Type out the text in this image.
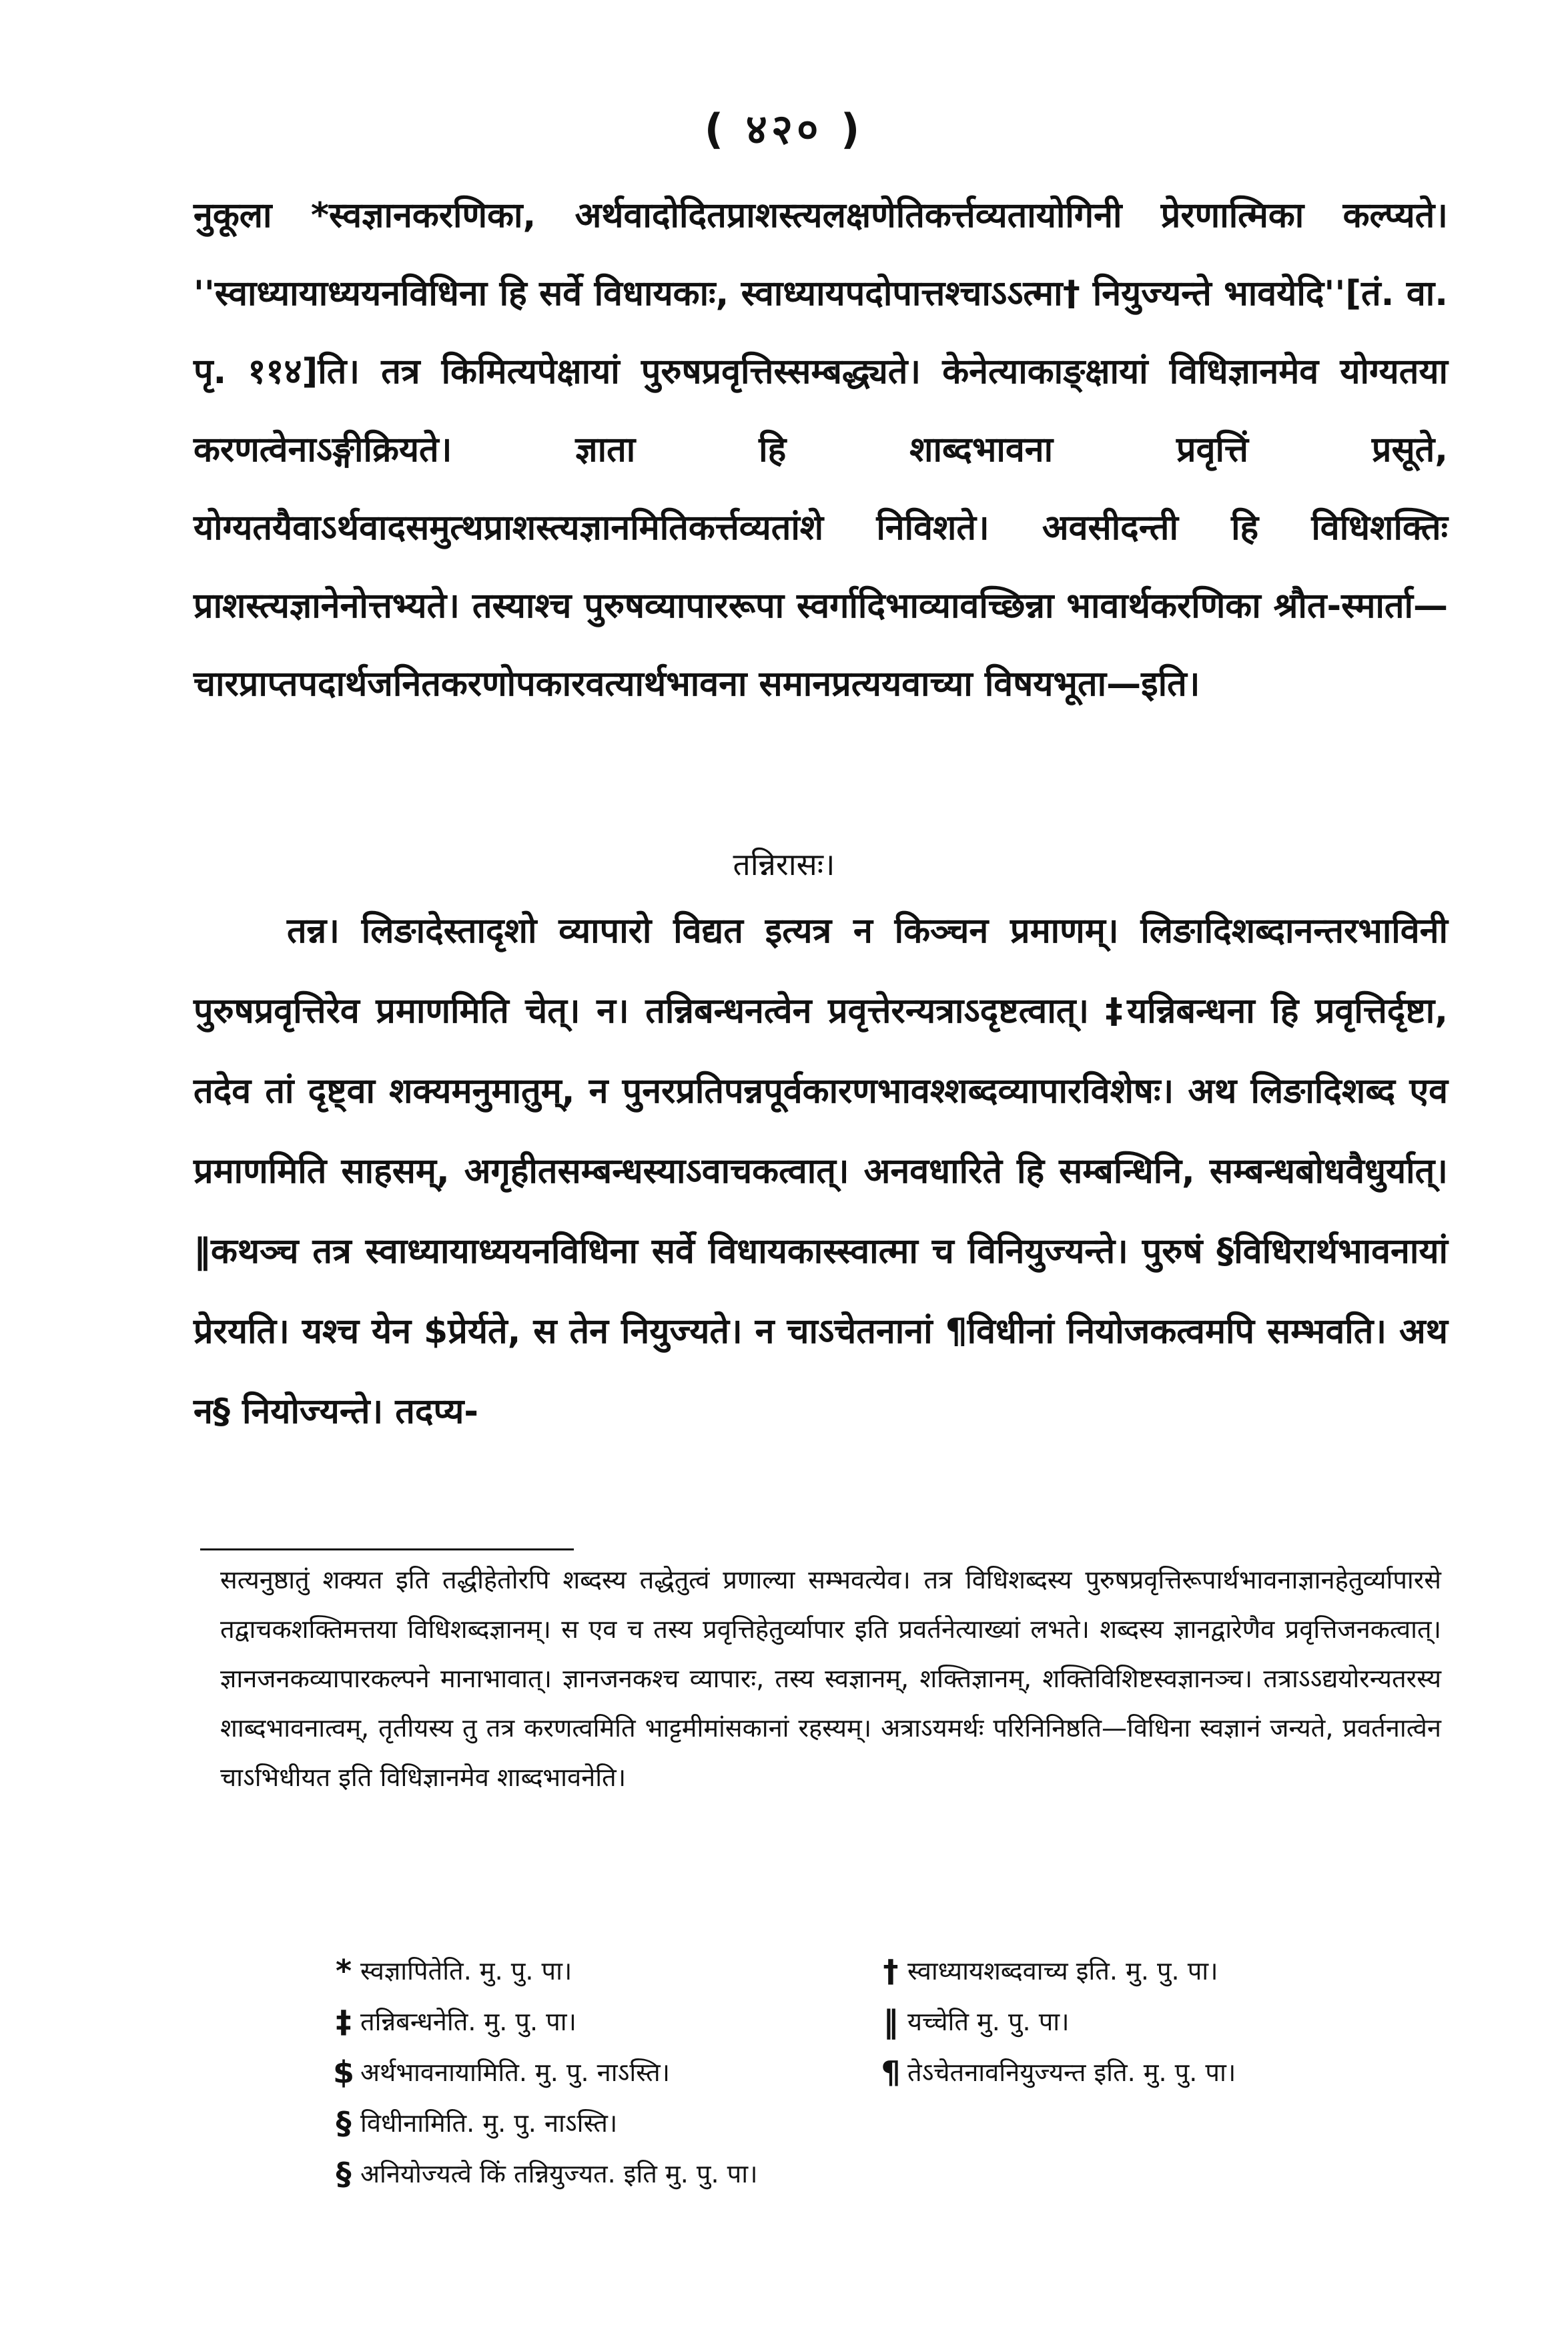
( ४२० )

नुकूला *स्वज्ञानकरणिका, अर्थवादोदितप्राशस्त्यलक्षणेतिकर्त्तव्यतायोगिनी प्रेरणात्मिका कल्प्यते। ''स्वाध्यायाध्ययनविधिना हि सर्वे विधायकाः, स्वाध्यायपदोपात्तश्चाऽऽत्मा† नियुज्यन्ते भावयेदि''[तं. वा. पृ. ११४]ति। तत्र किमित्यपेक्षायां पुरुषप्रवृत्तिस्सम्बद्ध्यते। केनेत्याकाङ्क्षायां विधिज्ञानमेव योग्यतया करणत्वेनाऽङ्गीक्रियते। ज्ञाता हि शाब्दभावना प्रवृत्तिं प्रसूते, योग्यतयैवाऽर्थवादसमुत्थप्राशस्त्यज्ञानमितिकर्त्तव्यतांशे निविशते। अवसीदन्ती हि विधिशक्तिः प्राशस्त्यज्ञानेनोत्तभ्यते। तस्याश्च पुरुषव्यापाररूपा स्वर्गादिभाव्यावच्छिन्ना भावार्थकरणिका श्रौत-स्मार्ता—चारप्राप्तपदार्थजनितकरणोपकारवत्यार्थभावना समानप्रत्ययवाच्या विषयभूता—इति।

तन्निरासः।

तन्न। लिङादेस्तादृशो व्यापारो विद्यत इत्यत्र न किञ्चन प्रमाणम्। लिङादिशब्दानन्तरभाविनी पुरुषप्रवृत्तिरेव प्रमाणमिति चेत्। न। तन्निबन्धनत्वेन प्रवृत्तेरन्यत्राऽदृष्टत्वात्। ‡यन्निबन्धना हि प्रवृत्तिर्दृष्टा, तदेव तां दृष्ट्वा शक्यमनुमातुम्, न पुनरप्रतिपन्नपूर्वकारणभावश्शब्दव्यापारविशेषः। अथ लिङादिशब्द एव प्रमाणमिति साहसम्, अगृहीतसम्बन्धस्याऽवाचकत्वात्। अनवधारिते हि सम्बन्धिनि, सम्बन्धबोधवैधुर्यात्। ‖कथञ्च तत्र स्वाध्यायाध्ययनविधिना सर्वे विधायकास्स्वात्मा च विनियुज्यन्ते। पुरुषं §विधिरार्थभावनायां प्रेरयति। यश्च येन $प्रेर्यते, स तेन नियुज्यते। न चाऽचेतनानां ¶विधीनां नियोजकत्वमपि सम्भवति। अथ न§ नियोज्यन्ते। तदप्य-

सत्यनुष्ठातुं शक्यत इति तद्धीहेतोरपि शब्दस्य तद्धेतुत्वं प्रणाल्या सम्भवत्येव। तत्र विधिशब्दस्य पुरुषप्रवृत्तिरूपार्थभावनाज्ञानहेतुर्व्यापारसे तद्वाचकशक्तिमत्तया विधिशब्दज्ञानम्। स एव च तस्य प्रवृत्तिहेतुर्व्यापार इति प्रवर्तनेत्याख्यां लभते। शब्दस्य ज्ञानद्वारेणैव प्रवृत्तिजनकत्वात्। ज्ञानजनकव्यापारकल्पने मानाभावात्। ज्ञानजनकश्च व्यापारः, तस्य स्वज्ञानम्, शक्तिज्ञानम्, शक्तिविशिष्टस्वज्ञानञ्च। तत्राऽऽद्ययोरन्यतरस्य शाब्दभावनात्वम्, तृतीयस्य तु तत्र करणत्वमिति भाट्टमीमांसकानां रहस्यम्। अत्राऽयमर्थः परिनिनिष्ठति—विधिना स्वज्ञानं जन्यते, प्रवर्तनात्वेन चाऽभिधीयत इति विधिज्ञानमेव शाब्दभावनेति।

* स्वज्ञापितेति. मु. पु. पा।	† स्वाध्यायशब्दवाच्य इति. मु. पु. पा।
‡ तन्निबन्धनेति. मु. पु. पा।	‖ यच्चेति मु. पु. पा।
$ अर्थभावनायामिति. मु. पु. नाऽस्ति।	¶ तेऽचेतनावनियुज्यन्त इति. मु. पु. पा।
§ विधीनामिति. मु. पु. नाऽस्ति।
§ अनियोज्यत्वे किं तन्नियुज्यत. इति मु. पु. पा।
